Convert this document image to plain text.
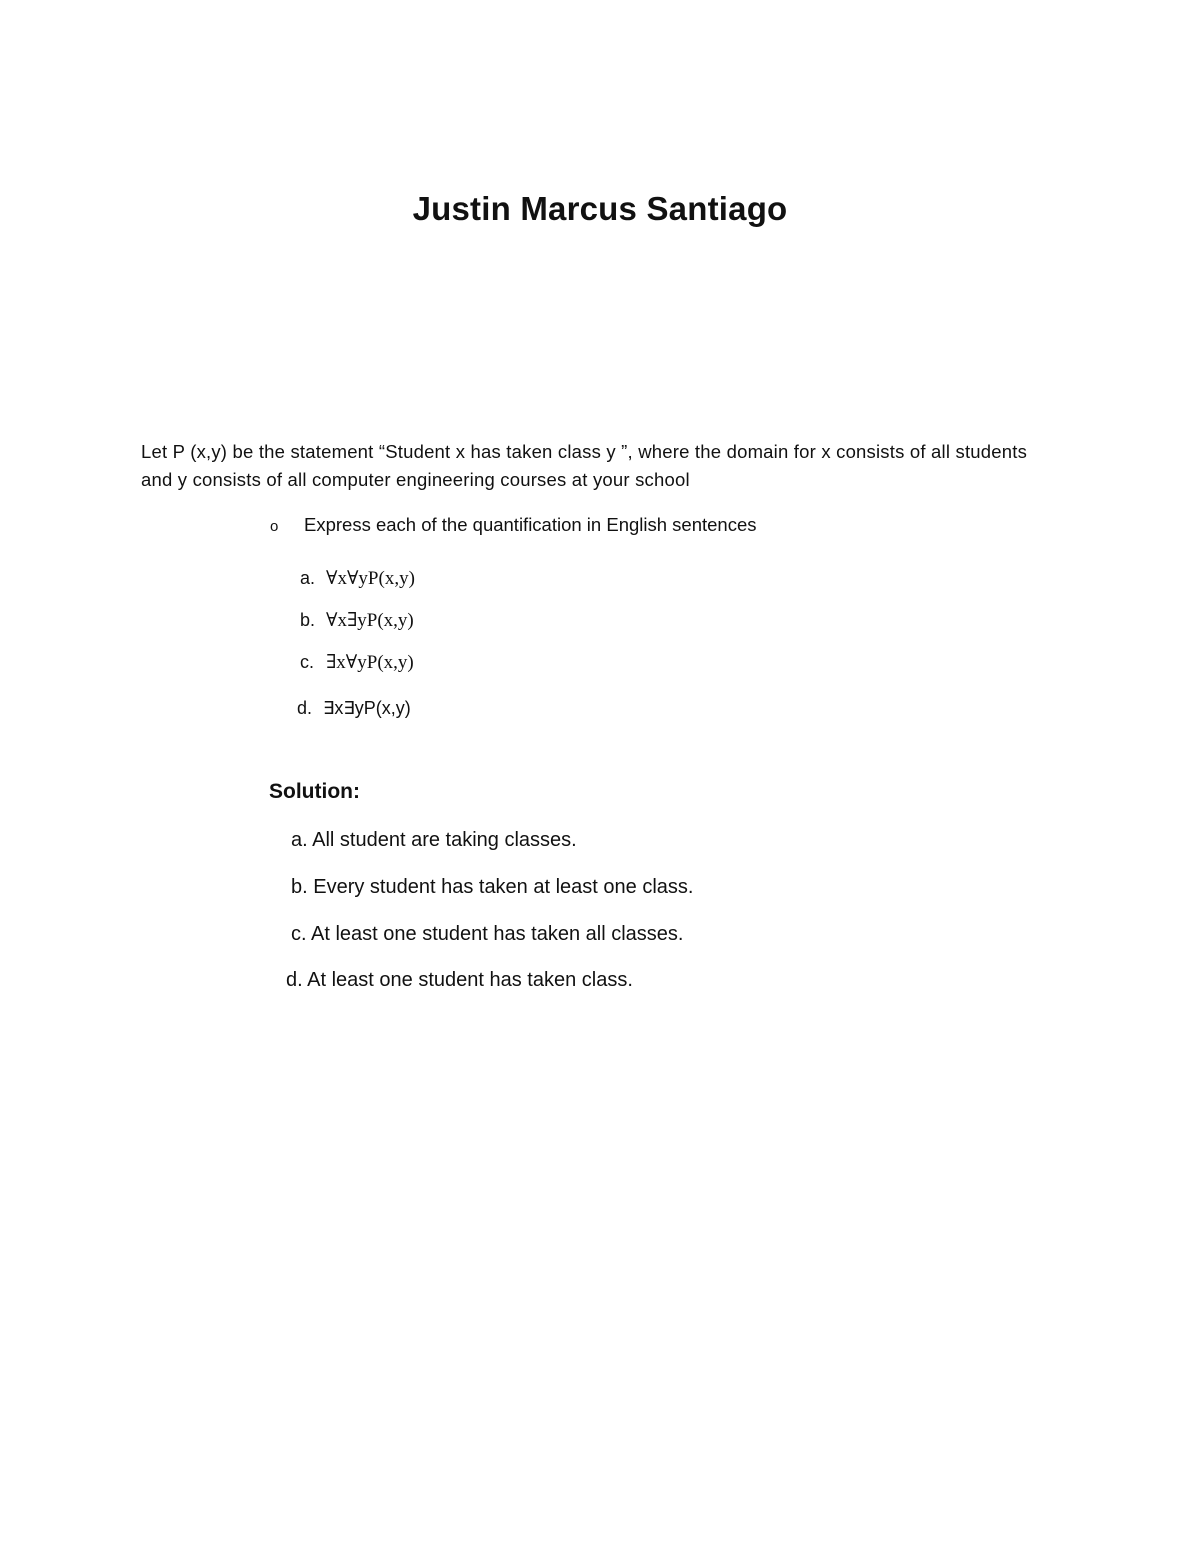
Justin Marcus Santiago
Let P (x,y) be the statement “Student x has taken class y ”, where the domain for x consists of all students and y consists of all computer engineering courses at your school
o Express each of the quantification in English sentences
a. ∀x∀yP(x,y)
b. ∀x∃yP(x,y)
c. ∃x∀yP(x,y)
d. ∃x∃yP(x,y)
Solution:
a. All student are taking classes.
b. Every student has taken at least one class.
c. At least one student has taken all classes.
d. At least one student has taken class.
